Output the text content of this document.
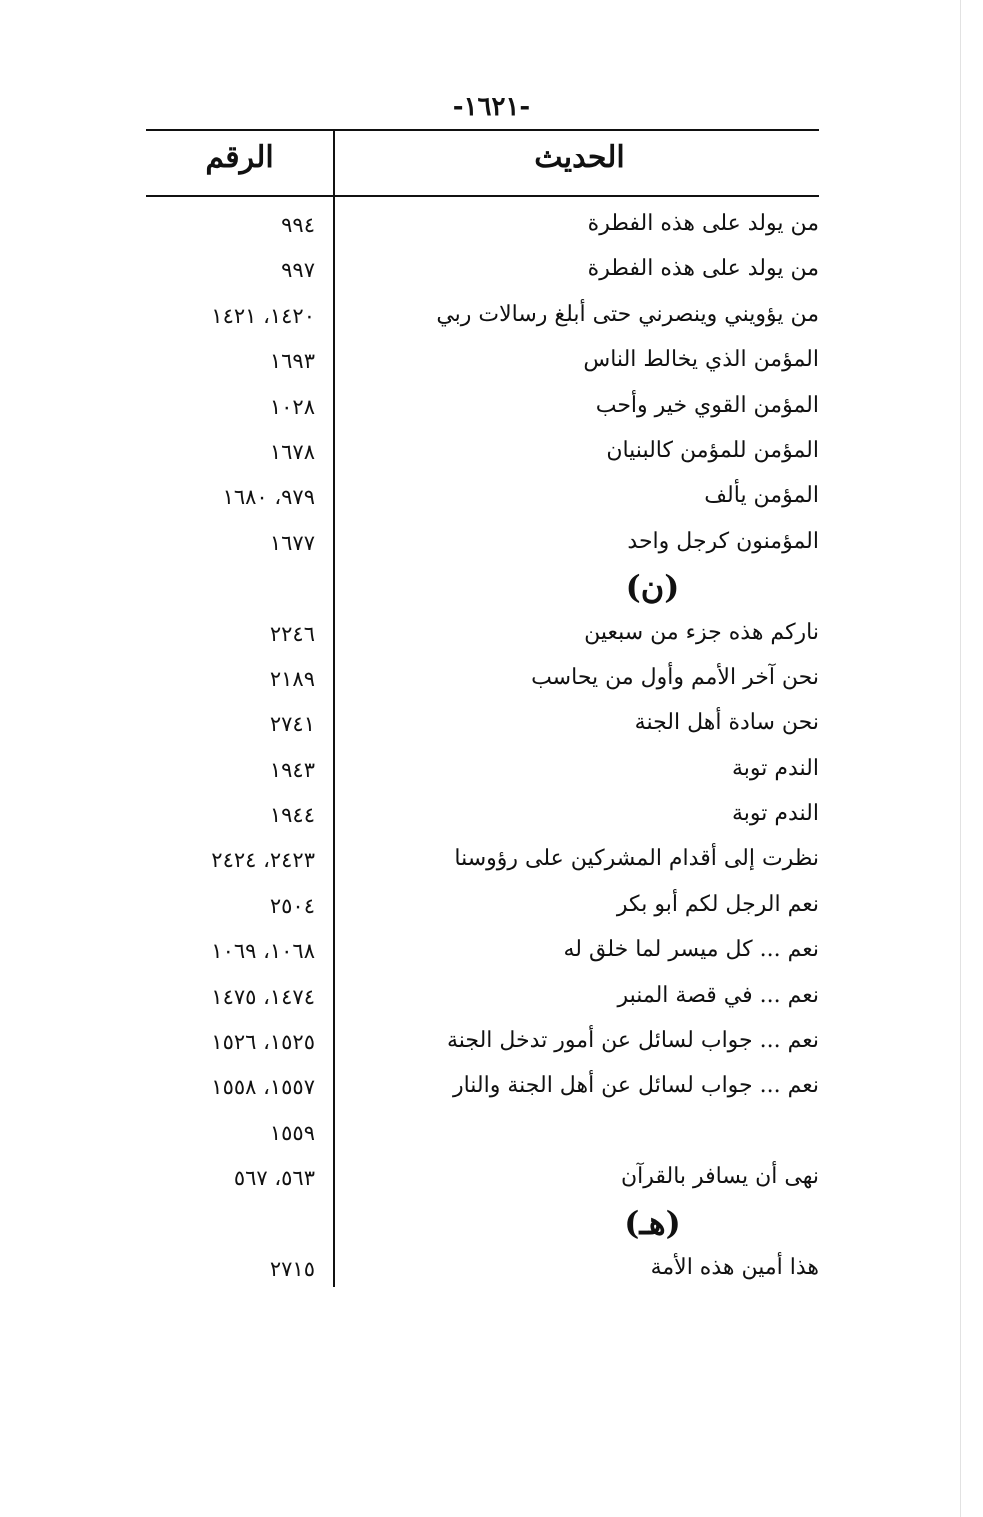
-١٦٢١-
الحديث
الرقم
من يولد على هذه الفطرة
٩٩٤
من يولد على هذه الفطرة
٩٩٧
من يؤويني وينصرني حتى أبلغ رسالات ربي
١٤٢٠، ١٤٢١
المؤمن الذي يخالط الناس
١٦٩٣
المؤمن القوي خير وأحب
١٠٢٨
المؤمن للمؤمن كالبنيان
١٦٧٨
المؤمن يألف
٩٧٩، ١٦٨٠
المؤمنون كرجل واحد
١٦٧٧
(ن)
ناركم هذه جزء من سبعين
٢٢٤٦
نحن آخر الأمم وأول من يحاسب
٢١٨٩
نحن سادة أهل الجنة
٢٧٤١
الندم توبة
١٩٤٣
الندم توبة
١٩٤٤
نظرت إلى أقدام المشركين على رؤوسنا
٢٤٢٣، ٢٤٢٤
نعم الرجل لكم أبو بكر
٢٥٠٤
نعم ... كل ميسر لما خلق له
١٠٦٨، ١٠٦٩
نعم ... في قصة المنبر
١٤٧٤، ١٤٧٥
نعم ... جواب لسائل عن أمور تدخل الجنة
١٥٢٥، ١٥٢٦
نعم ... جواب لسائل عن أهل الجنة والنار
١٥٥٧، ١٥٥٨
١٥٥٩
نهى أن يسافر بالقرآن
٥٦٣، ٥٦٧
(هـ)
هذا أمين هذه الأمة
٢٧١٥
